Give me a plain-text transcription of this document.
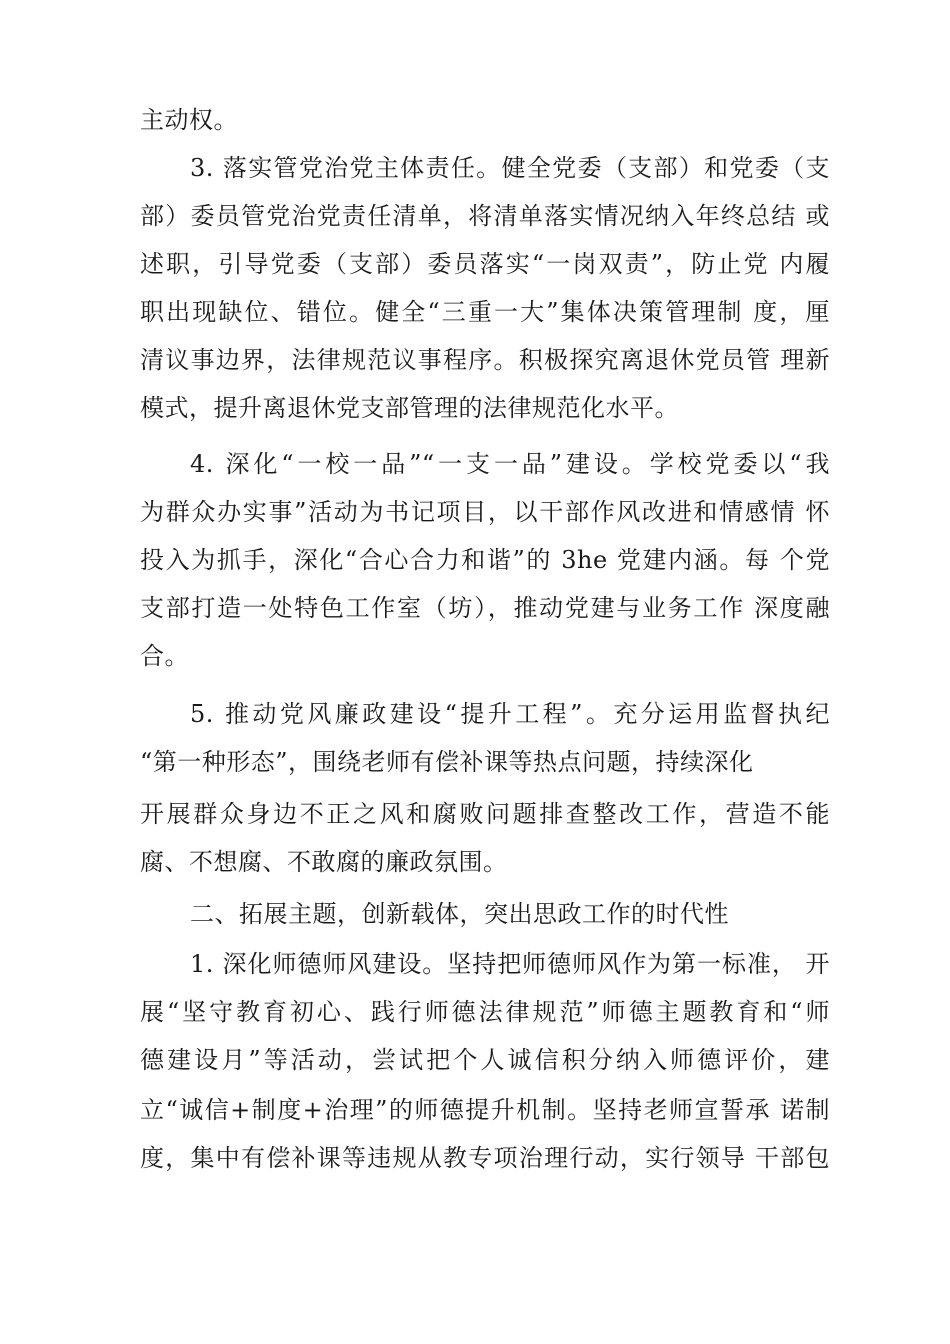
主动权。
3. 落实管党治党主体责任。健全党委（支部）和党委（支
部）委员管党治党责任清单，将清单落实情况纳入年终总结 或
述职，引导党委（支部）委员落实“一岗双责”，防止党 内履
职出现缺位、错位。健全“三重一大”集体决策管理制 度，厘
清议事边界，法律规范议事程序。积极探究离退休党员管 理新
模式，提升离退休党支部管理的法律规范化水平。
4. 深化“一校一品”“一支一品”建设。学校党委以“我
为群众办实事”活动为书记项目，以干部作风改进和情感情 怀
投入为抓手，深化“合心合力和谐”的 3he 党建内涵。每 个党
支部打造一处特色工作室（坊），推动党建与业务工作 深度融
合。
5. 推动党风廉政建设“提升工程”。充分运用监督执纪
“第一种形态”，围绕老师有偿补课等热点问题，持续深化
开展群众身边不正之风和腐败问题排查整改工作，营造不能
腐、不想腐、不敢腐的廉政氛围。
二、拓展主题，创新载体，突出思政工作的时代性
1. 深化师德师风建设。坚持把师德师风作为第一标准， 开
展“坚守教育初心、践行师德法律规范”师德主题教育和“师
德建设月”等活动，尝试把个人诚信积分纳入师德评价，建
立“诚信+制度+治理”的师德提升机制。坚持老师宣誓承 诺制
度，集中有偿补课等违规从教专项治理行动，实行领导 干部包
